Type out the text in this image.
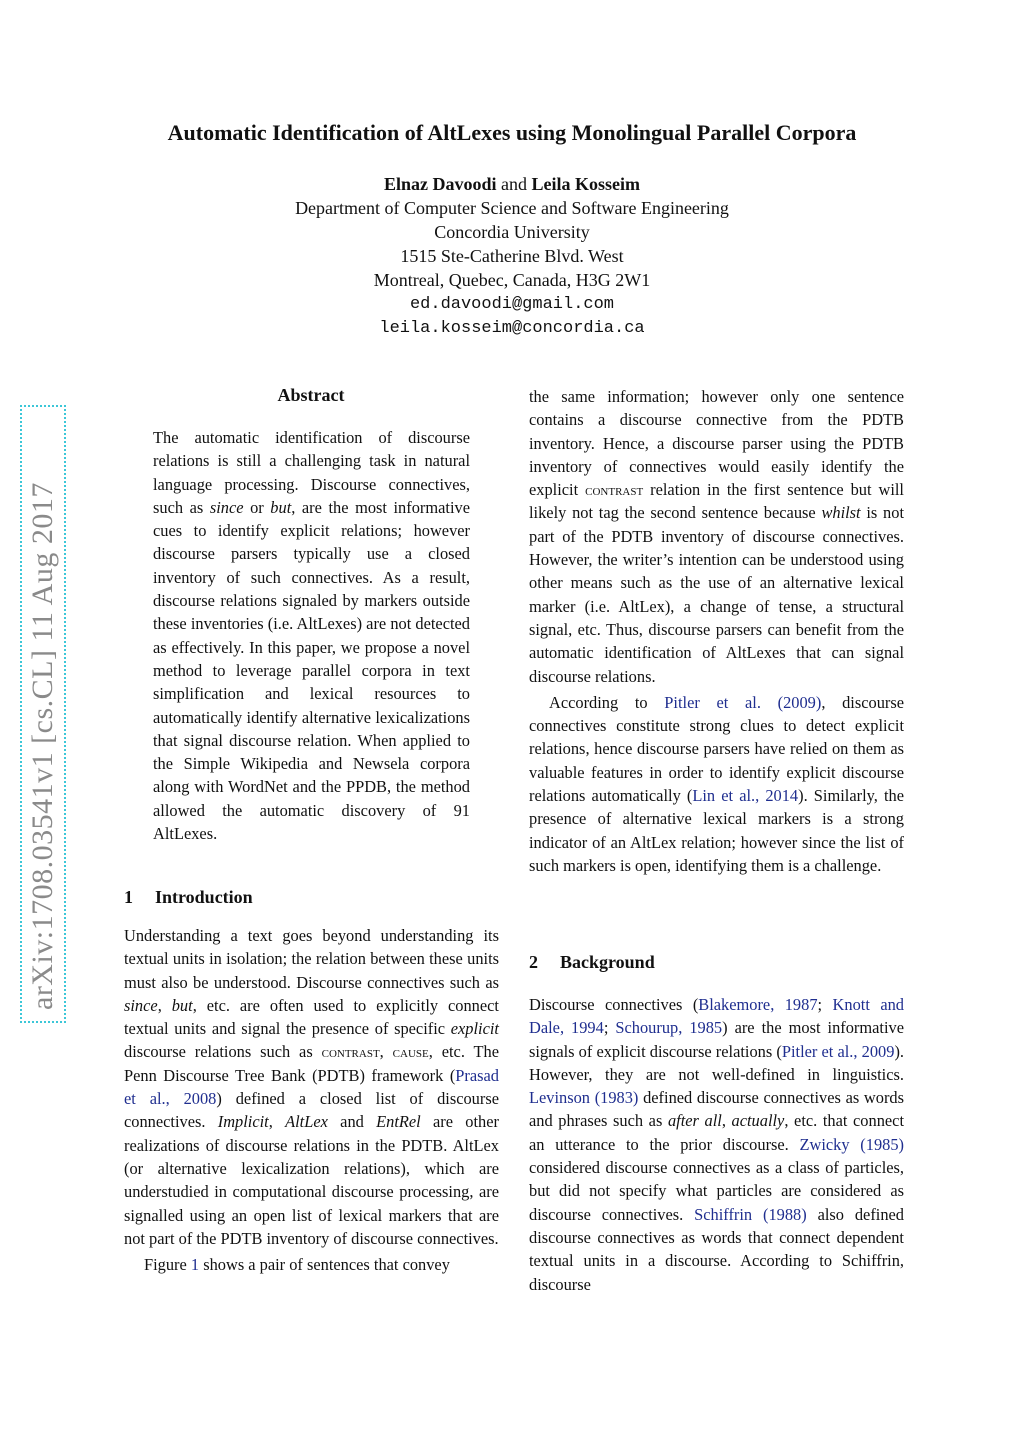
Automatic Identification of AltLexes using Monolingual Parallel Corpora
Elnaz Davoodi and Leila Kosseim
Department of Computer Science and Software Engineering
Concordia University
1515 Ste-Catherine Blvd. West
Montreal, Quebec, Canada, H3G 2W1
ed.davoodi@gmail.com
leila.kosseim@concordia.ca
arXiv:1708.03541v1 [cs.CL] 11 Aug 2017
Abstract

The automatic identification of discourse relations is still a challenging task in natural language processing. Discourse connectives, such as since or but, are the most informative cues to identify explicit relations; however discourse parsers typically use a closed inventory of such connectives. As a result, discourse relations signaled by markers outside these inventories (i.e. AltLexes) are not detected as effectively. In this paper, we propose a novel method to leverage parallel corpora in text simplification and lexical resources to automatically identify alternative lexicalizations that signal discourse relation. When applied to the Simple Wikipedia and Newsela corpora along with WordNet and the PPDB, the method allowed the automatic discovery of 91 AltLexes.

1 Introduction

Understanding a text goes beyond understanding its textual units in isolation; the relation between these units must also be understood. Discourse connectives such as since, but, etc. are often used to explicitly connect textual units and signal the presence of specific explicit discourse relations such as contrast, cause, etc. The Penn Discourse Tree Bank (PDTB) framework (Prasad et al., 2008) defined a closed list of discourse connectives. Implicit, AltLex and EntRel are other realizations of discourse relations in the PDTB. AltLex (or alternative lexicalization relations), which are understudied in computational discourse processing, are signalled using an open list of lexical markers that are not part of the PDTB inventory of discourse connectives.

Figure 1 shows a pair of sentences that convey

the same information; however only one sentence contains a discourse connective from the PDTB inventory. Hence, a discourse parser using the PDTB inventory of connectives would easily identify the explicit contrast relation in the first sentence but will likely not tag the second sentence because whilst is not part of the PDTB inventory of discourse connectives. However, the writer’s intention can be understood using other means such as the use of an alternative lexical marker (i.e. AltLex), a change of tense, a structural signal, etc. Thus, discourse parsers can benefit from the automatic identification of AltLexes that can signal discourse relations.

According to Pitler et al. (2009), discourse connectives constitute strong clues to detect explicit relations, hence discourse parsers have relied on them as valuable features in order to identify explicit discourse relations automatically (Lin et al., 2014). Similarly, the presence of alternative lexical markers is a strong indicator of an AltLex relation; however since the list of such markers is open, identifying them is a challenge.

2 Background

Discourse connectives (Blakemore, 1987; Knott and Dale, 1994; Schourup, 1985) are the most informative signals of explicit discourse relations (Pitler et al., 2009). However, they are not well-defined in linguistics. Levinson (1983) defined discourse connectives as words and phrases such as after all, actually, etc. that connect an utterance to the prior discourse. Zwicky (1985) considered discourse connectives as a class of particles, but did not specify what particles are considered as discourse connectives. Schiffrin (1988) also defined discourse connectives as words that connect dependent textual units in a discourse. According to Schiffrin, discourse
